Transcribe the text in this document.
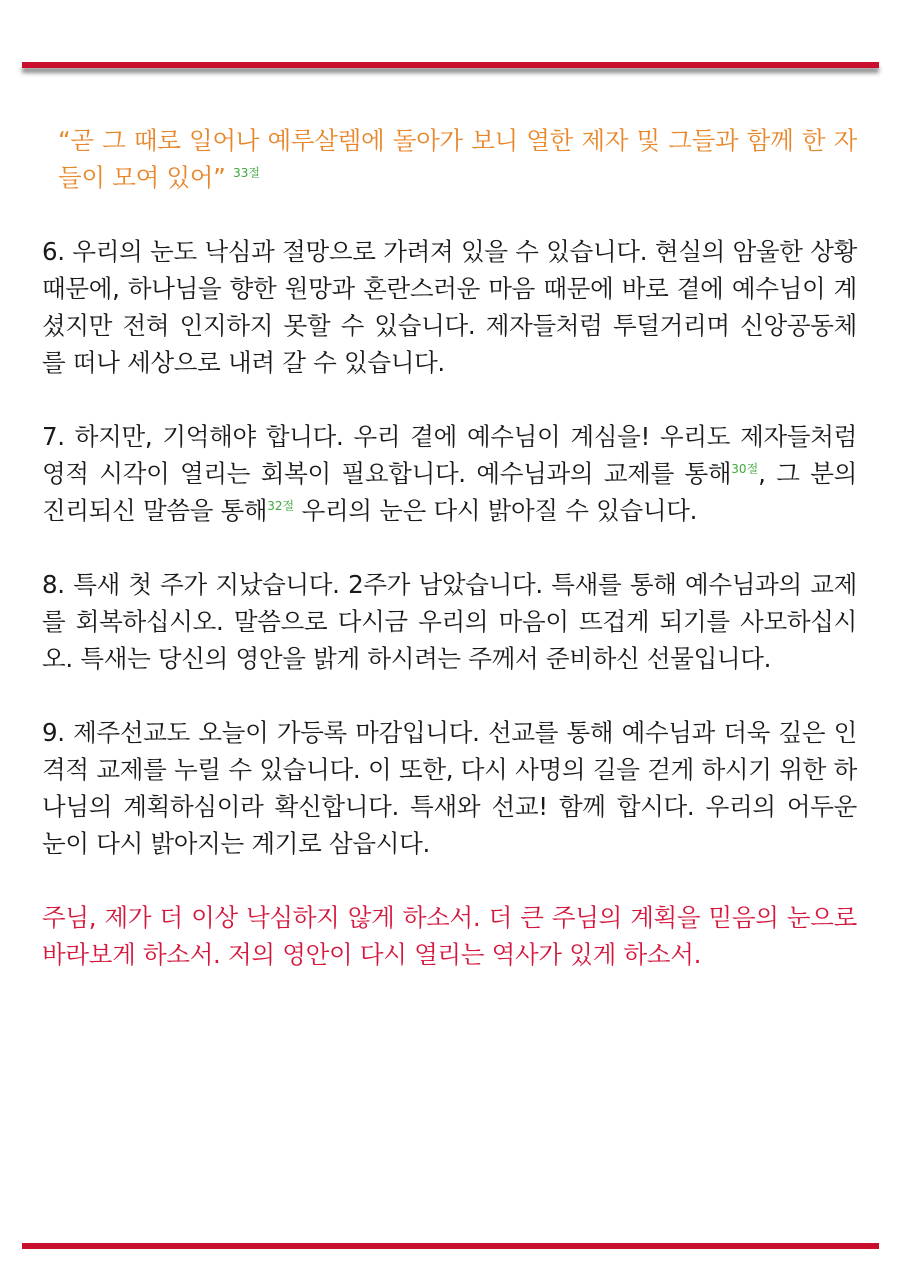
“곧 그 때로 일어나 예루살렘에 돌아가 보니 열한 제자 및 그들과 함께 한 자들이 모여 있어” $^{33절}$

6. 우리의 눈도 낙심과 절망으로 가려져 있을 수 있습니다. 현실의 암울한 상황 때문에, 하나님을 향한 원망과 혼란스러운 마음 때문에 바로 곁에 예수님이 계셨지만 전혀 인지하지 못할 수 있습니다. 제자들처럼 투덜거리며 신앙공동체를 떠나 세상으로 내려 갈 수 있습니다.

7. 하지만, 기억해야 합니다. 우리 곁에 예수님이 계심을! 우리도 제자들처럼 영적 시각이 열리는 회복이 필요합니다. 예수님과의 교제를 통해$^{30절}$, 그 분의 진리되신 말씀을 통해$^{32절}$ 우리의 눈은 다시 밝아질 수 있습니다.

8. 특새 첫 주가 지났습니다. 2주가 남았습니다. 특새를 통해 예수님과의 교제를 회복하십시오. 말씀으로 다시금 우리의 마음이 뜨겁게 되기를 사모하십시오. 특새는 당신의 영안을 밝게 하시려는 주께서 준비하신 선물입니다.

9. 제주선교도 오늘이 가등록 마감입니다. 선교를 통해 예수님과 더욱 깊은 인격적 교제를 누릴 수 있습니다. 이 또한, 다시 사명의 길을 걷게 하시기 위한 하나님의 계획하심이라 확신합니다. 특새와 선교! 함께 합시다. 우리의 어두운 눈이 다시 밝아지는 계기로 삼읍시다.

주님, 제가 더 이상 낙심하지 않게 하소서. 더 큰 주님의 계획을 믿음의 눈으로 바라보게 하소서. 저의 영안이 다시 열리는 역사가 있게 하소서.
